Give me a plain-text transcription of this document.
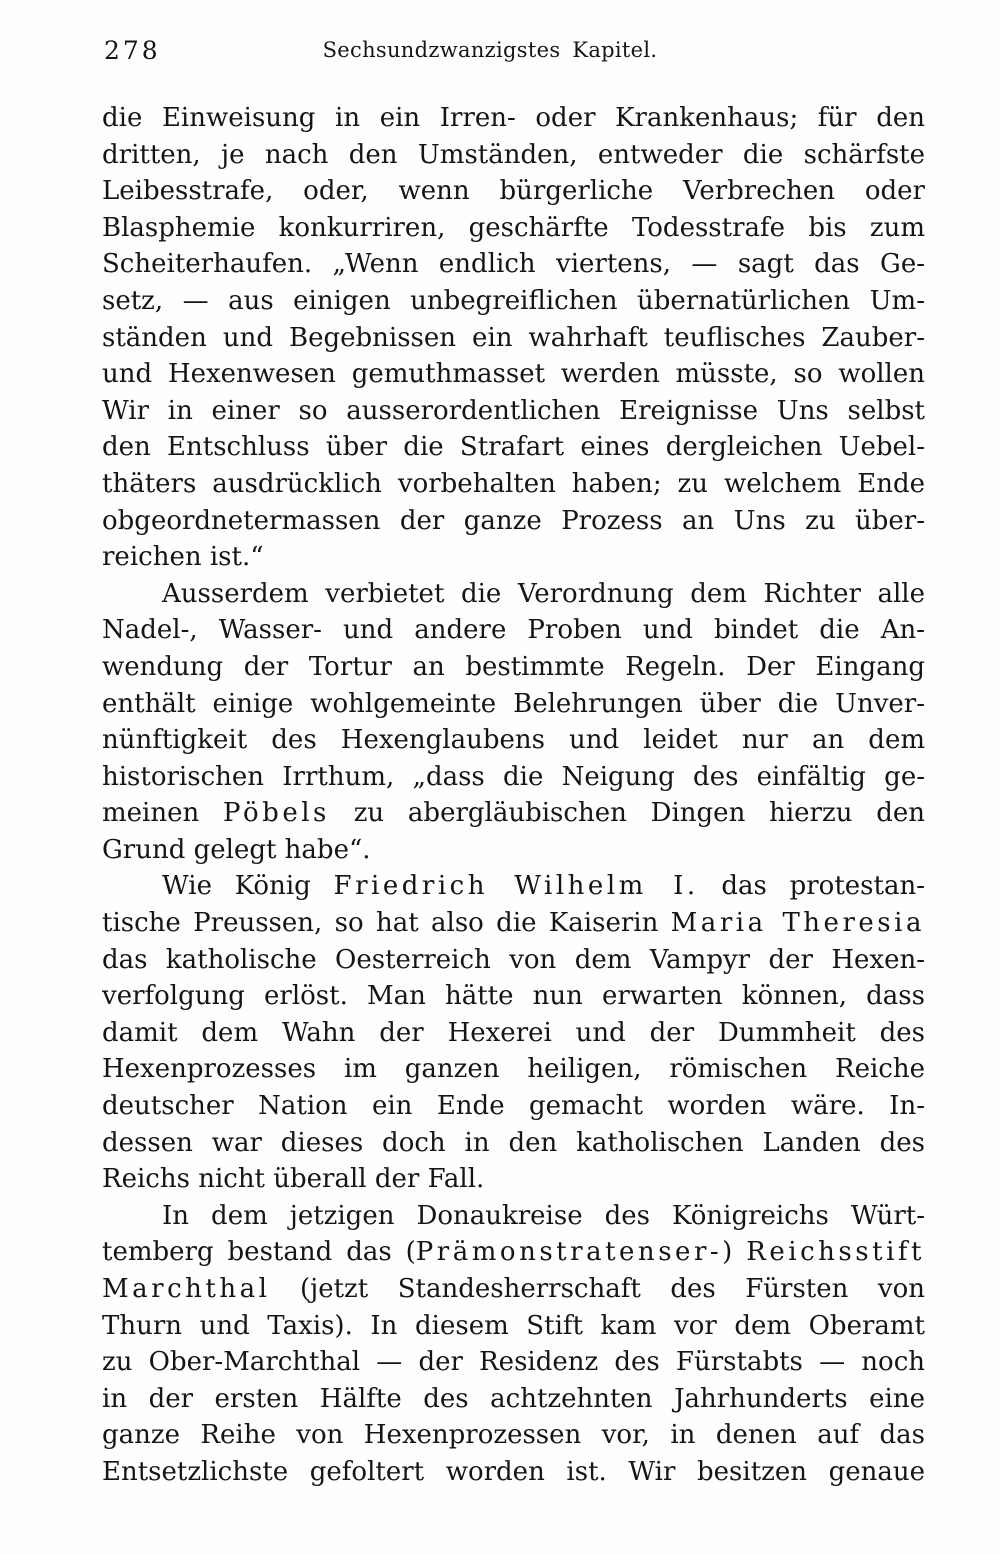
278	Sechsundzwanzigstes Kapitel.
die Einweisung in ein Irren- oder Krankenhaus; für den
dritten, je nach den Umständen, entweder die schärfste
Leibesstrafe, oder, wenn bürgerliche Verbrechen oder
Blasphemie konkurriren, geschärfte Todesstrafe bis zum
Scheiterhaufen. „Wenn endlich viertens, — sagt das Ge-
setz, — aus einigen unbegreiflichen übernatürlichen Um-
ständen und Begebnissen ein wahrhaft teuflisches Zauber-
und Hexenwesen gemuthmasset werden müsste, so wollen
Wir in einer so ausserordentlichen Ereignisse Uns selbst
den Entschluss über die Strafart eines dergleichen Uebel-
thäters ausdrücklich vorbehalten haben; zu welchem Ende
obgeordnetermassen der ganze Prozess an Uns zu über-
reichen ist.“
Ausserdem verbietet die Verordnung dem Richter alle
Nadel-, Wasser- und andere Proben und bindet die An-
wendung der Tortur an bestimmte Regeln. Der Eingang
enthält einige wohlgemeinte Belehrungen über die Unver-
nünftigkeit des Hexenglaubens und leidet nur an dem
historischen Irrthum, „dass die Neigung des einfältig ge-
meinen Pöbels zu abergläubischen Dingen hierzu den
Grund gelegt habe“.
Wie König Friedrich Wilhelm I. das protestan-
tische Preussen, so hat also die Kaiserin Maria Theresia
das katholische Oesterreich von dem Vampyr der Hexen-
verfolgung erlöst. Man hätte nun erwarten können, dass
damit dem Wahn der Hexerei und der Dummheit des
Hexenprozesses im ganzen heiligen, römischen Reiche
deutscher Nation ein Ende gemacht worden wäre. In-
dessen war dieses doch in den katholischen Landen des
Reichs nicht überall der Fall.
In dem jetzigen Donaukreise des Königreichs Würt-
temberg bestand das (Prämonstratenser-) Reichsstift
Marchthal (jetzt Standesherrschaft des Fürsten von
Thurn und Taxis). In diesem Stift kam vor dem Oberamt
zu Ober-Marchthal — der Residenz des Fürstabts — noch
in der ersten Hälfte des achtzehnten Jahrhunderts eine
ganze Reihe von Hexenprozessen vor, in denen auf das
Entsetzlichste gefoltert worden ist. Wir besitzen genaue
